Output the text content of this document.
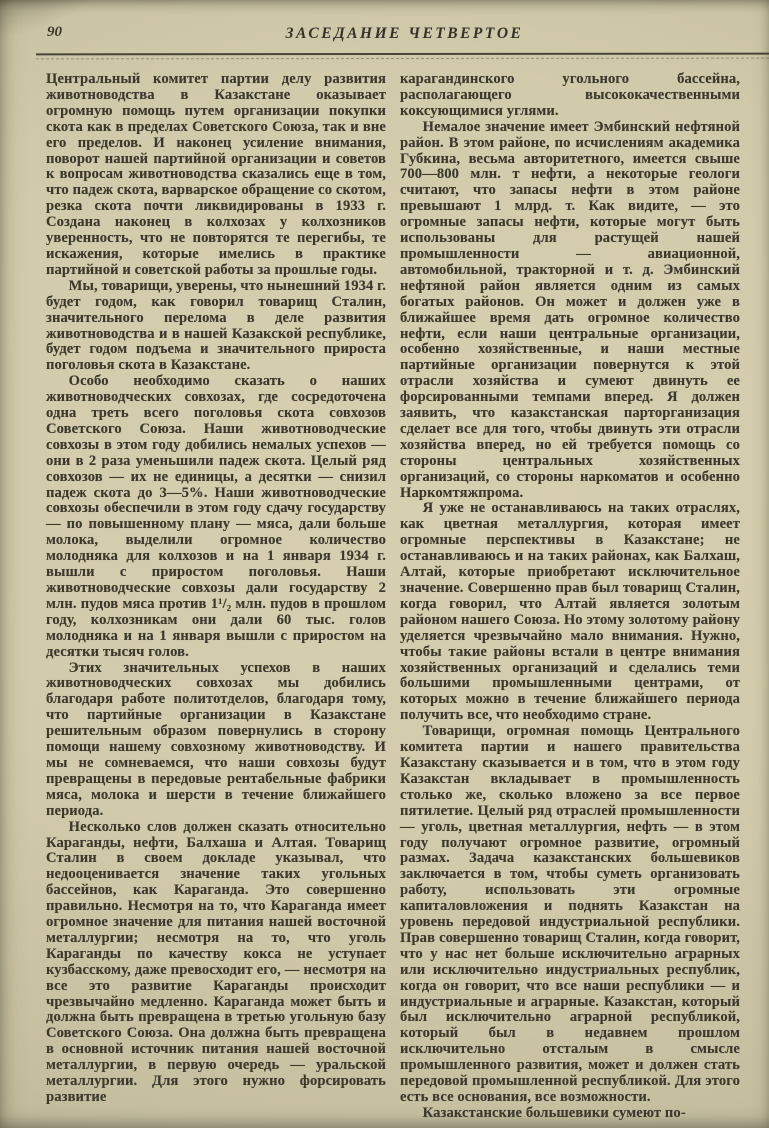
90	ЗАСЕДАНИЕ ЧЕТВЕРТОЕ

Центральный комитет партии делу развития животноводства в Казакстане оказывает огромную помощь путем организации покупки скота как в пределах Советского Союза, так и вне его пределов. И наконец усиление внимания, поворот нашей партийной организации и советов к вопросам животноводства сказались еще в том, что падеж скота, варварское обращение со скотом, резка скота почти ликвидированы в 1933 г. Создана наконец в колхозах у колхозников уверенность, что не повторятся те перегибы, те искажения, которые имелись в практике партийной и советской работы за прошлые годы.

Мы, товарищи, уверены, что нынешний 1934 г. будет годом, как говорил товарищ Сталин, значительного перелома в деле развития животноводства и в нашей Казакской республике, будет годом подъема и значительного прироста поголовья скота в Казакстане.

Особо необходимо сказать о наших животноводческих совхозах, где сосредоточена одна треть всего поголовья скота совхозов Советского Союза. Наши животноводческие совхозы в этом году добились немалых успехов — они в 2 раза уменьшили падеж скота. Целый ряд совхозов — их не единицы, а десятки — снизил падеж скота до 3—5%. Наши животноводческие совхозы обеспечили в этом году сдачу государству — по повышенному плану — мяса, дали больше молока, выделили огромное количество молодняка для колхозов и на 1 января 1934 г. вышли с приростом поголовья. Наши животноводческие совхозы дали государству 2 млн. пудов мяса против 1¹/₂ млн. пудов в прошлом году, колхозникам они дали 60 тыс. голов молодняка и на 1 января вышли с приростом на десятки тысяч голов.

Этих значительных успехов в наших животноводческих совхозах мы добились благодаря работе политотделов, благодаря тому, что партийные организации в Казакстане решительным образом повернулись в сторону помощи нашему совхозному животноводству. И мы не сомневаемся, что наши совхозы будут превращены в передовые рентабельные фабрики мяса, молока и шерсти в течение ближайшего периода.

Несколько слов должен сказать относительно Караганды, нефти, Балхаша и Алтая. Товарищ Сталин в своем докладе указывал, что недооценивается значение таких угольных бассейнов, как Караганда. Это совершенно правильно. Несмотря на то, что Караганда имеет огромное значение для питания нашей восточной металлургии; несмотря на то, что уголь Караганды по качеству кокса не уступает кузбасскому, даже превосходит его, — несмотря на все это развитие Караганды происходит чрезвычайно медленно. Караганда может быть и должна быть превращена в третью угольную базу Советского Союза. Она должна быть превращена в основной источник питания нашей восточной металлургии, в первую очередь — уральской металлургии. Для этого нужно форсировать развитие

карагандинского угольного бассейна, располагающего высококачественными коксующимися углями.

Немалое значение имеет Эмбинский нефтяной район. В этом районе, по исчислениям академика Губкина, весьма авторитетного, имеется свыше 700—800 млн. т нефти, а некоторые геологи считают, что запасы нефти в этом районе превышают 1 млрд. т. Как видите, — это огромные запасы нефти, которые могут быть использованы для растущей нашей промышленности — авиационной, автомобильной, тракторной и т. д. Эмбинский нефтяной район является одним из самых богатых районов. Он может и должен уже в ближайшее время дать огромное количество нефти, если наши центральные организации, особенно хозяйственные, и наши местные партийные организации повернутся к этой отрасли хозяйства и сумеют двинуть ее форсированными темпами вперед. Я должен заявить, что казакстанская парторганизация сделает все для того, чтобы двинуть эти отрасли хозяйства вперед, но ей требуется помощь со стороны центральных хозяйственных организаций, со стороны наркоматов и особенно Наркомтяжпрома.

Я уже не останавливаюсь на таких отраслях, как цветная металлургия, которая имеет огромные перспективы в Казакстане; не останавливаюсь и на таких районах, как Балхаш, Алтай, которые приобретают исключительное значение. Совершенно прав был товарищ Сталин, когда говорил, что Алтай является золотым районом нашего Союза. Но этому золотому району уделяется чрезвычайно мало внимания. Нужно, чтобы такие районы встали в центре внимания хозяйственных организаций и сделались теми большими промышленными центрами, от которых можно в течение ближайшего периода получить все, что необходимо стране.

Товарищи, огромная помощь Центрального комитета партии и нашего правительства Казакстану сказывается и в том, что в этом году Казакстан вкладывает в промышленность столько же, сколько вложено за все первое пятилетие. Целый ряд отраслей промышленности — уголь, цветная металлургия, нефть — в этом году получают огромное развитие, огромный размах. Задача казакстанских большевиков заключается в том, чтобы суметь организовать работу, использовать эти огромные капиталовложения и поднять Казакстан на уровень передовой индустриальной республики. Прав совершенно товарищ Сталин, когда говорит, что у нас нет больше исключительно аграрных или исключительно индустриальных республик, когда он говорит, что все наши республики — и индустриальные и аграрные. Казакстан, который был исключительно аграрной республикой, который был в недавнем прошлом исключительно отсталым в смысле промышленного развития, может и должен стать передовой промышленной республикой. Для этого есть все основания, все возможности.

Казакстанские большевики сумеют по-
